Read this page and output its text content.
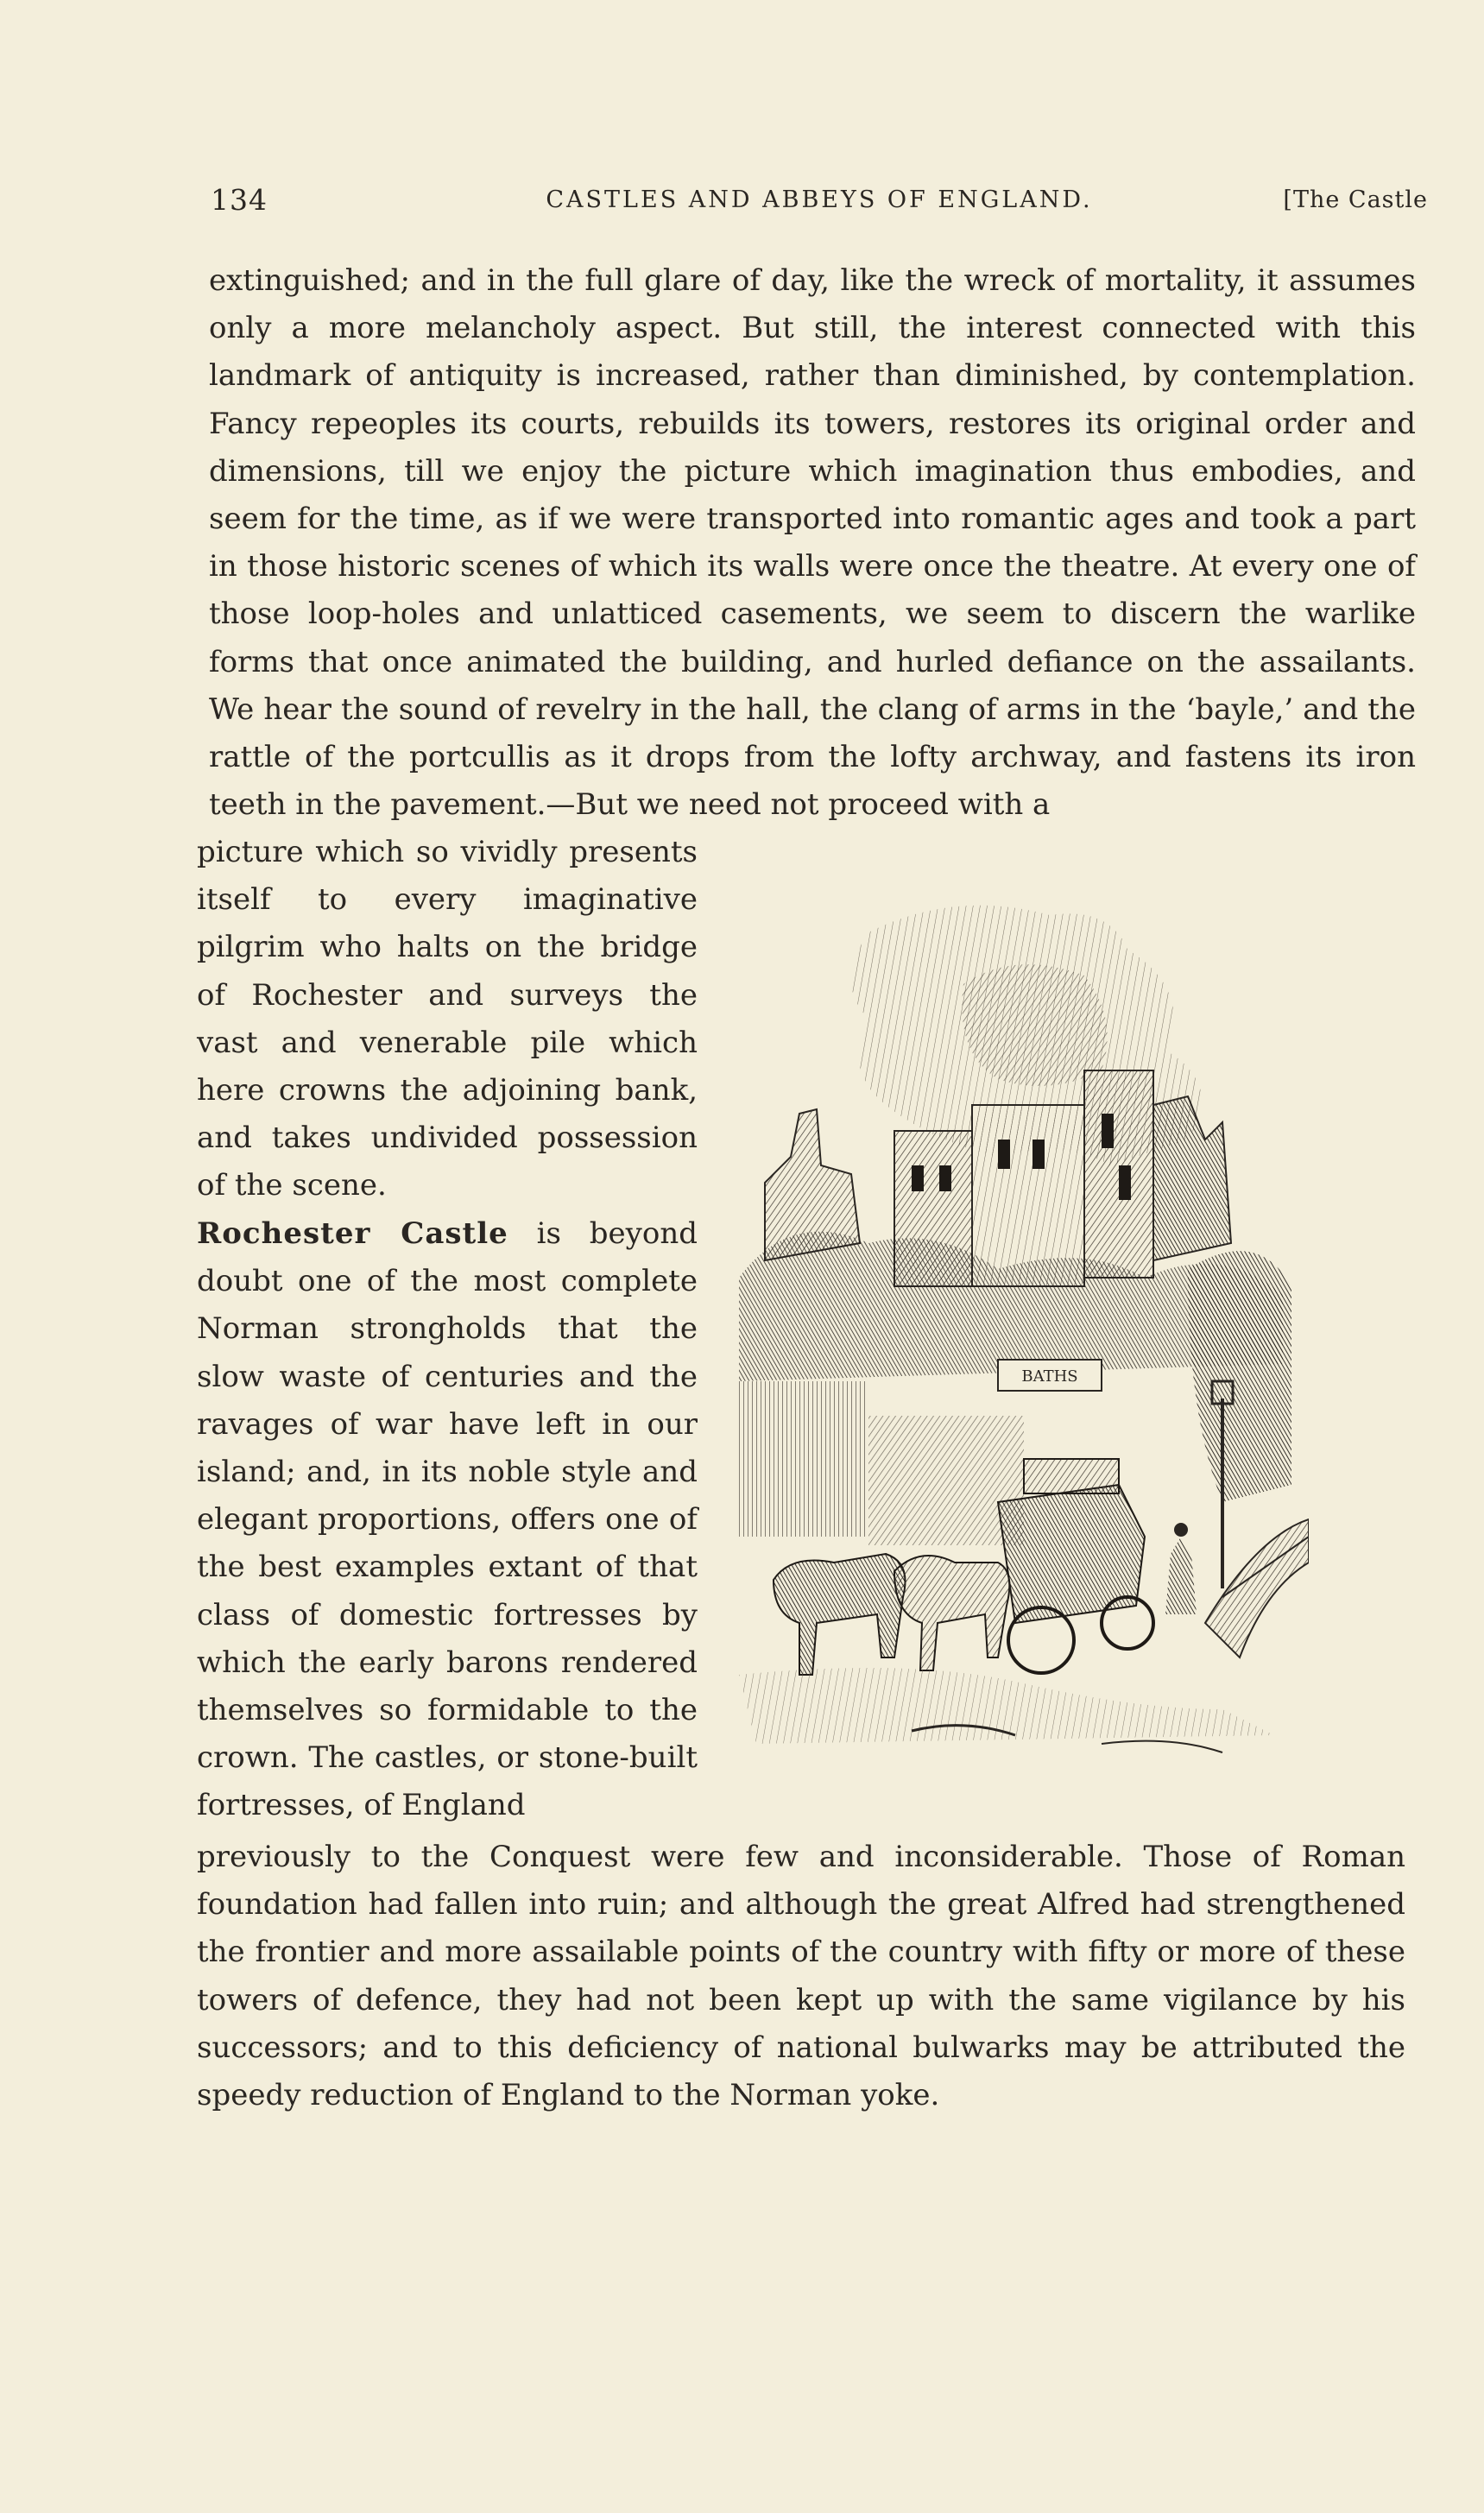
134	CASTLES AND ABBEYS OF ENGLAND.	[The Castle

extinguished; and in the full glare of day, like the wreck of mortality, it assumes only a more melancholy aspect. But still, the interest connected with this landmark of antiquity is increased, rather than diminished, by contemplation. Fancy repeoples its courts, rebuilds its towers, restores its original order and dimensions, till we enjoy the picture which imagination thus embodies, and seem for the time, as if we were transported into romantic ages and took a part in those historic scenes of which its walls were once the theatre. At every one of those loop-holes and unlatticed casements, we seem to discern the warlike forms that once animated the building, and hurled defiance on the assailants. We hear the sound of revelry in the hall, the clang of arms in the ‘bayle,’ and the rattle of the portcullis as it drops from the lofty archway, and fastens its iron teeth in the pavement.—But we need not proceed with a

picture which so vividly presents itself to every imaginative pilgrim who halts on the bridge of Rochester and surveys the vast and venerable pile which here crowns the adjoining bank, and takes undivided possession of the scene.

Rochester Castle is beyond doubt one of the most complete Norman strongholds that the slow waste of centuries and the ravages of war have left in our island; and, in its noble style and elegant proportions, offers one of the best examples extant of that class of domestic fortresses by which the early barons rendered themselves so formidable to the crown. The castles, or stone-built fortresses, of England

BATHS

previously to the Conquest were few and inconsiderable. Those of Roman foundation had fallen into ruin; and although the great Alfred had strengthened the frontier and more assailable points of the country with fifty or more of these towers of defence, they had not been kept up with the same vigilance by his successors; and to this deficiency of national bulwarks may be attributed the speedy reduction of England to the Norman yoke.
